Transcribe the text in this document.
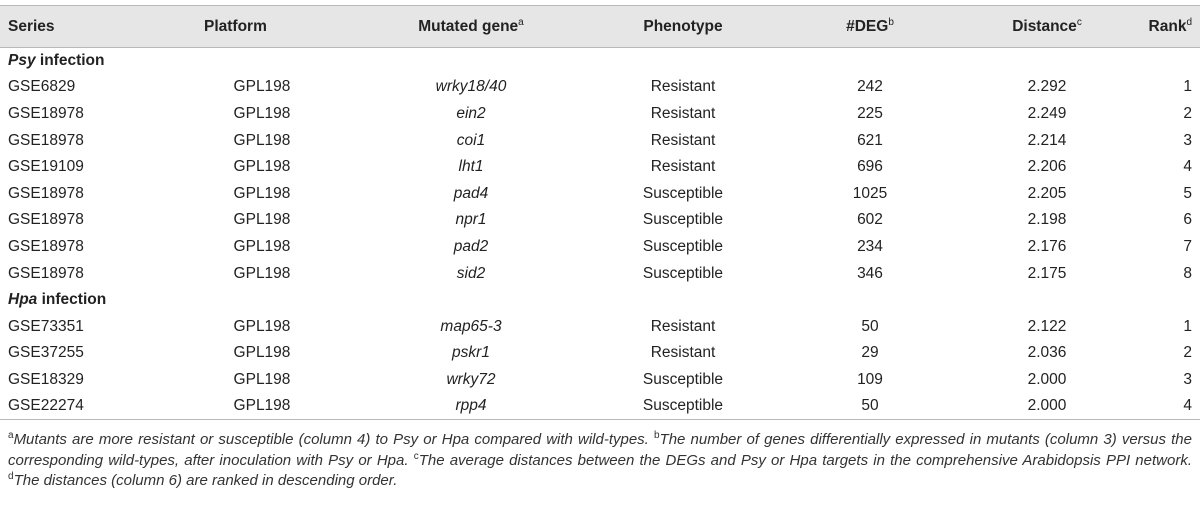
Series	Platform	Mutated gene$^a$	Phenotype	#DEG$^b$	Distance$^c$	Rank$^d$
Psy infection						
GSE6829	GPL198	wrky18/40	Resistant	242	2.292	1
GSE18978	GPL198	ein2	Resistant	225	2.249	2
GSE18978	GPL198	coi1	Resistant	621	2.214	3
GSE19109	GPL198	lht1	Resistant	696	2.206	4
GSE18978	GPL198	pad4	Susceptible	1025	2.205	5
GSE18978	GPL198	npr1	Susceptible	602	2.198	6
GSE18978	GPL198	pad2	Susceptible	234	2.176	7
GSE18978	GPL198	sid2	Susceptible	346	2.175	8
Hpa infection						
GSE73351	GPL198	map65-3	Resistant	50	2.122	1
GSE37255	GPL198	pskr1	Resistant	29	2.036	2
GSE18329	GPL198	wrky72	Susceptible	109	2.000	3
GSE22274	GPL198	rpp4	Susceptible	50	2.000	4
$^a$Mutants are more resistant or susceptible (column 4) to Psy or Hpa compared with wild-types. $^b$The number of genes differentially expressed in mutants (column 3) versus the corresponding wild-types, after inoculation with Psy or Hpa. $^c$The average distances between the DEGs and Psy or Hpa targets in the comprehensive Arabidopsis PPI network. $^d$The distances (column 6) are ranked in descending order.
